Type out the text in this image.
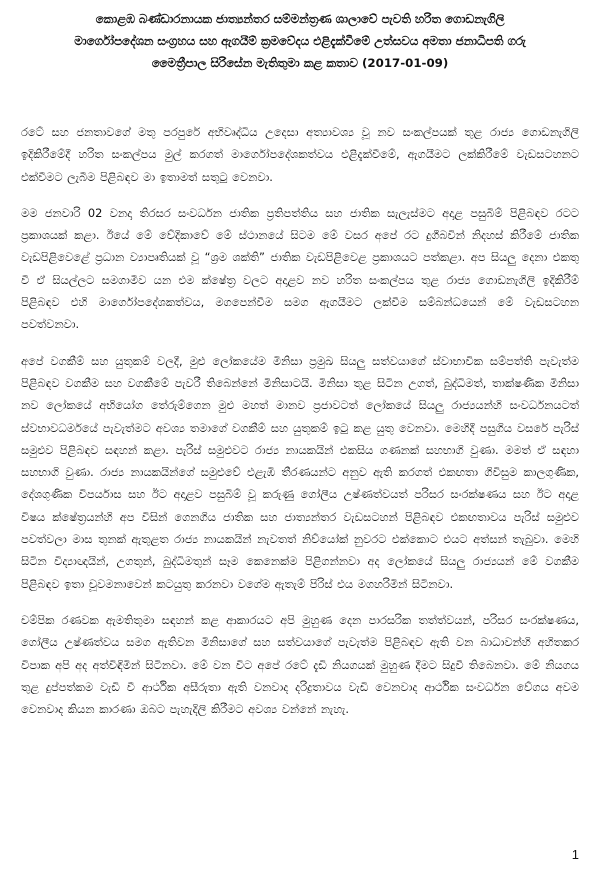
කොළඹ බණ්ඩාරනායක ජාත්‍යන්තර සම්මන්ත්‍රණ ශාලාවේ පැවති හරිත ගොඩනැගිලි

මාර්ගෝපදේශන සංග්‍රහය සහ ඇගයීම් ක්‍රමවේදය එළිදැක්වීමේ උත්සවය අමතා ජනාධිපති ගරු

මෛත්‍රීපාල සිරිසේන මැතිතුමා කළ කතාව (2017-01-09)

රටේ සහ ජනතාවගේ මතු පරපුරේ අභිවෘද්ධිය උදෙසා අත්‍යාවශ්‍ය වූ නව සංකල්පයක් තුළ රාජ්‍ය ගොඩනැගිලි ඉදිකිරීමේදී හරිත සංකල්පය මුල් කරගත් මාර්ගෝපදේශකත්වය එළිදැක්වීමේ, ඇගයීමට ලක්කිරීමේ වැඩසටහනට එක්වීමට ලැබීම පිළිබඳව මා ඉතාමත් සතුටු වෙනවා.

මම ජනවාරි 02 වනදා තිරසර සංවර්ධන ජාතික ප්‍රතිපත්තිය සහ ජාතික සැලැස්මට අදාළ පසුබිම් පිළිබඳව රටට ප්‍රකාශයක් කළා. ඊයේ මේ වේදිකාවේ මේ ස්ථානයේ සිටම මේ වසර අපේ රට දුගීබවින් නිදහස් කිරීමේ ජාතික වැඩපිළිවෙළේ ප්‍රධාන ව්‍යාපෘතියක් වූ “ශ්‍රම ශක්ති” ජාතික වැඩපිළිවෙළ ප්‍රකාශයට පත්කළා. අප සියලු දෙනා එකතු වී ඒ සියල්ලට සමගාමීව යන එම ක්ෂේත්‍ර වලට අදාළව නව හරිත සංකල්පය තුළ රාජ්‍ය ගොඩනැගිලි ඉදිකිරීම් පිළිබඳව එහි මාර්ගෝපදේශකත්වය, මගපෙන්වීම සමග ඇගයීමට ලක්වීම සම්බන්ධයෙන් මේ වැඩසටහන පවත්වනවා.

අපේ වගකීම් සහ යුතුකම් වලදී, මුළු ලෝකයේම මිනිසා ප්‍රමුඛ සියලු සත්වයාගේ ස්වාභාවික සම්පත්ති පැවැත්ම පිළිබඳව වගකීම සහ වගකීමේ පැවරී තිබෙන්නේ මිනිසාටයි. මිනිසා තුළ සිටින උගත්, බුද්ධිමත්, තාක්ෂණික මිනිසා නව ලෝකයේ අභියෝග තේරුම්ගෙන මුළු මහත් මානව ප්‍රජාවටත් ලෝකයේ සියලු රාජ්‍යයන්හි සංවර්ධනයටත් ස්වභාවධර්මයේ පැවැත්මට අවශ්‍ය තමාගේ වගකීම් සහ යුතුකම් ඉටු කළ යුතු වෙනවා. මෙහිදී පසුගිය වසරේ පැරිස් සමුළුව පිළිබඳව සඳහන් කළා. පැරිස් සමුළුවට රාජ්‍ය නායකයින් එකසිය ගණනක් සහභාගි වුණා. මමත් ඒ සඳහා සහභාගි වුණා. රාජ්‍ය නායකයින්ගේ සමුළුවේ එළැඹි තීරණයන්ට අනුව ඇති කරගත් එකඟතා ගිවිසුම කාලගුණික, දේශගුණික විපර්යාස සහ ඊට අදාළව පසුබිම් වූ කරුණු ගෝලීය උෂ්ණත්වයත් පරිසර සංරක්ෂණය සහ ඊට අදාළ විෂය ක්ෂේත්‍රයන්හි අප විසින් ගෙනගිය ජාතික සහ ජාත්‍යන්තර වැඩසටහන් පිළිබඳව එකඟතාවය පැරිස් සමුළුව පවත්වලා මාස තුනක් ඇතුළත රාජ්‍ය නායකයින් නැවතත් නිව්යෝක් නුවරට එක්කොට එයට අත්සන් තැබුවා. මෙහි සිටින විද්‍යාඥයින්, උගතුන්, බුද්ධිමතුන් සෑම කෙනෙක්ම පිළිගන්නවා අද ලෝකයේ සියලු රාජ්‍යයන් මේ වගකීම පිළිබඳව ඉතා චූවමනාවෙන් කටයුතු කරනවා වගේම ඇතැම් පිරිස් එය මගහරිමින් සිටිනවා.

චම්පික රණවක ඇමතිතුමා සඳහන් කළ ආකාරයට අපි මුහුණ දෙන පාරසරික තත්ත්වයන්, පරිසර සංරක්ෂණය, ගෝලීය උෂ්ණත්වය සමග ඇතිවන මිනිසාගේ සහ සත්වයාගේ පැවැත්ම පිළිබඳව ඇති වන බාධාවන්හි අහිතකර විපාක අපි අද අත්විඳිමින් සිටිනවා. මේ වන විට අපේ රටේ දැඩි නියගයක් මුහුණ දීමට සිදුවී තිබෙනවා. මේ නියගය තුළ දුප්පත්කම වැඩි වී ආර්ථික අසීරුතා ඇති වනවාද දරිද්‍රතාවය වැඩි වෙනවාද ආර්ථික සංවර්ධන වේගය අවම වෙනවාද කියන කාරණා ඔබට පැහැදිලි කිරීමට අවශ්‍ය වන්නේ නැහැ.

1
